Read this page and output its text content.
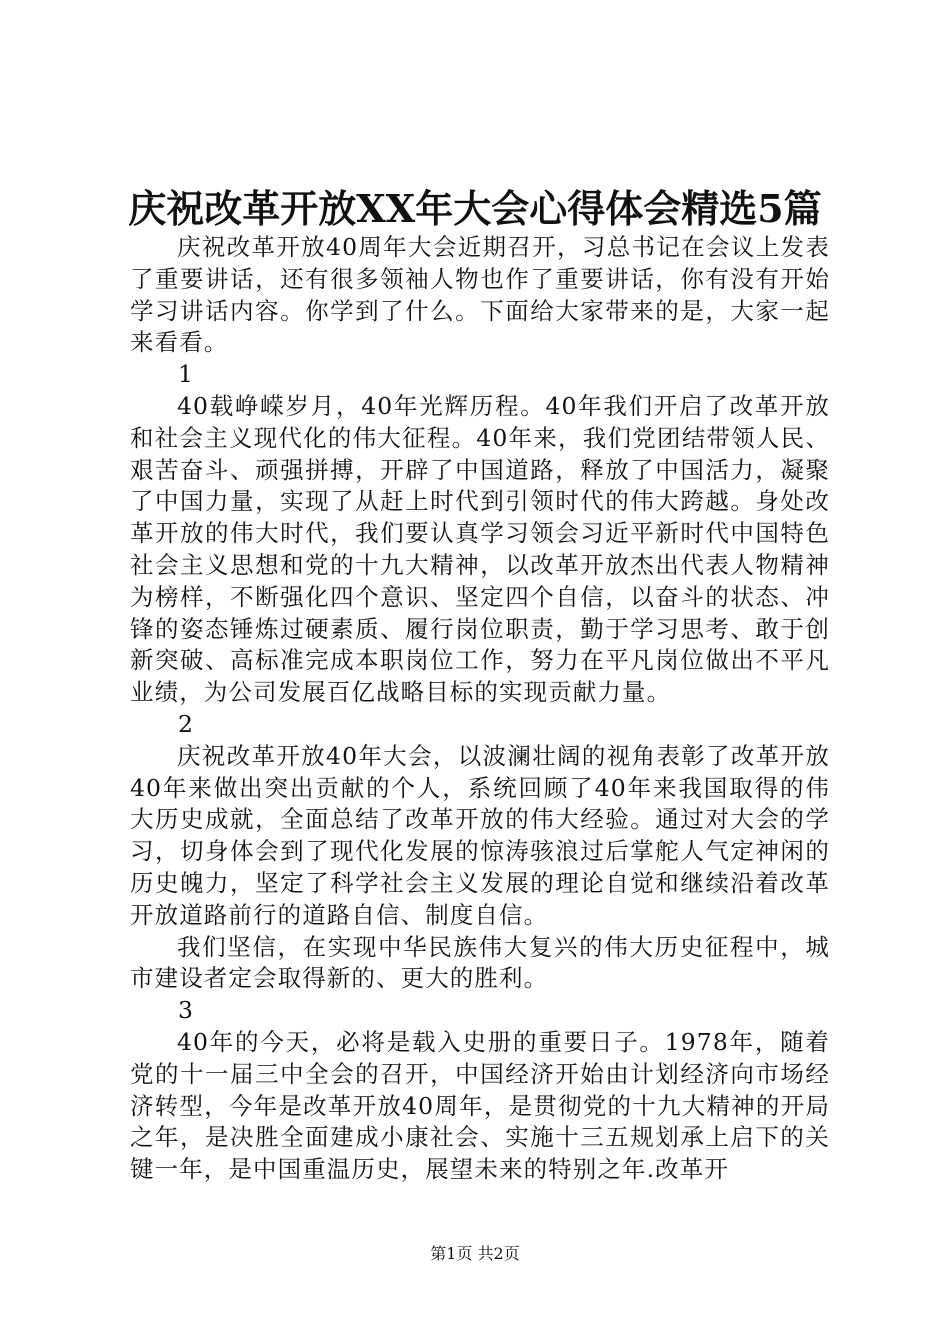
庆祝改革开放XX年大会心得体会精选5篇

庆祝改革开放40周年大会近期召开，习总书记在会议上发表了重要讲话，还有很多领袖人物也作了重要讲话，你有没有开始学习讲话内容。你学到了什么。下面给大家带来的是，大家一起来看看。

1

40载峥嵘岁月，40年光辉历程。40年我们开启了改革开放和社会主义现代化的伟大征程。40年来，我们党团结带领人民、艰苦奋斗、顽强拼搏，开辟了中国道路，释放了中国活力，凝聚了中国力量，实现了从赶上时代到引领时代的伟大跨越。身处改革开放的伟大时代，我们要认真学习领会习近平新时代中国特色社会主义思想和党的十九大精神，以改革开放杰出代表人物精神为榜样，不断强化四个意识、坚定四个自信，以奋斗的状态、冲锋的姿态锤炼过硬素质、履行岗位职责，勤于学习思考、敢于创新突破、高标准完成本职岗位工作，努力在平凡岗位做出不平凡业绩，为公司发展百亿战略目标的实现贡献力量。

2

庆祝改革开放40年大会，以波澜壮阔的视角表彰了改革开放40年来做出突出贡献的个人，系统回顾了40年来我国取得的伟大历史成就，全面总结了改革开放的伟大经验。通过对大会的学习，切身体会到了现代化发展的惊涛骇浪过后掌舵人气定神闲的历史魄力，坚定了科学社会主义发展的理论自觉和继续沿着改革开放道路前行的道路自信、制度自信。

我们坚信，在实现中华民族伟大复兴的伟大历史征程中，城市建设者定会取得新的、更大的胜利。

3

40年的今天，必将是载入史册的重要日子。1978年，随着党的十一届三中全会的召开，中国经济开始由计划经济向市场经济转型，今年是改革开放40周年，是贯彻党的十九大精神的开局之年，是决胜全面建成小康社会、实施十三五规划承上启下的关键一年，是中国重温历史，展望未来的特别之年.改革开

第1页 共2页
